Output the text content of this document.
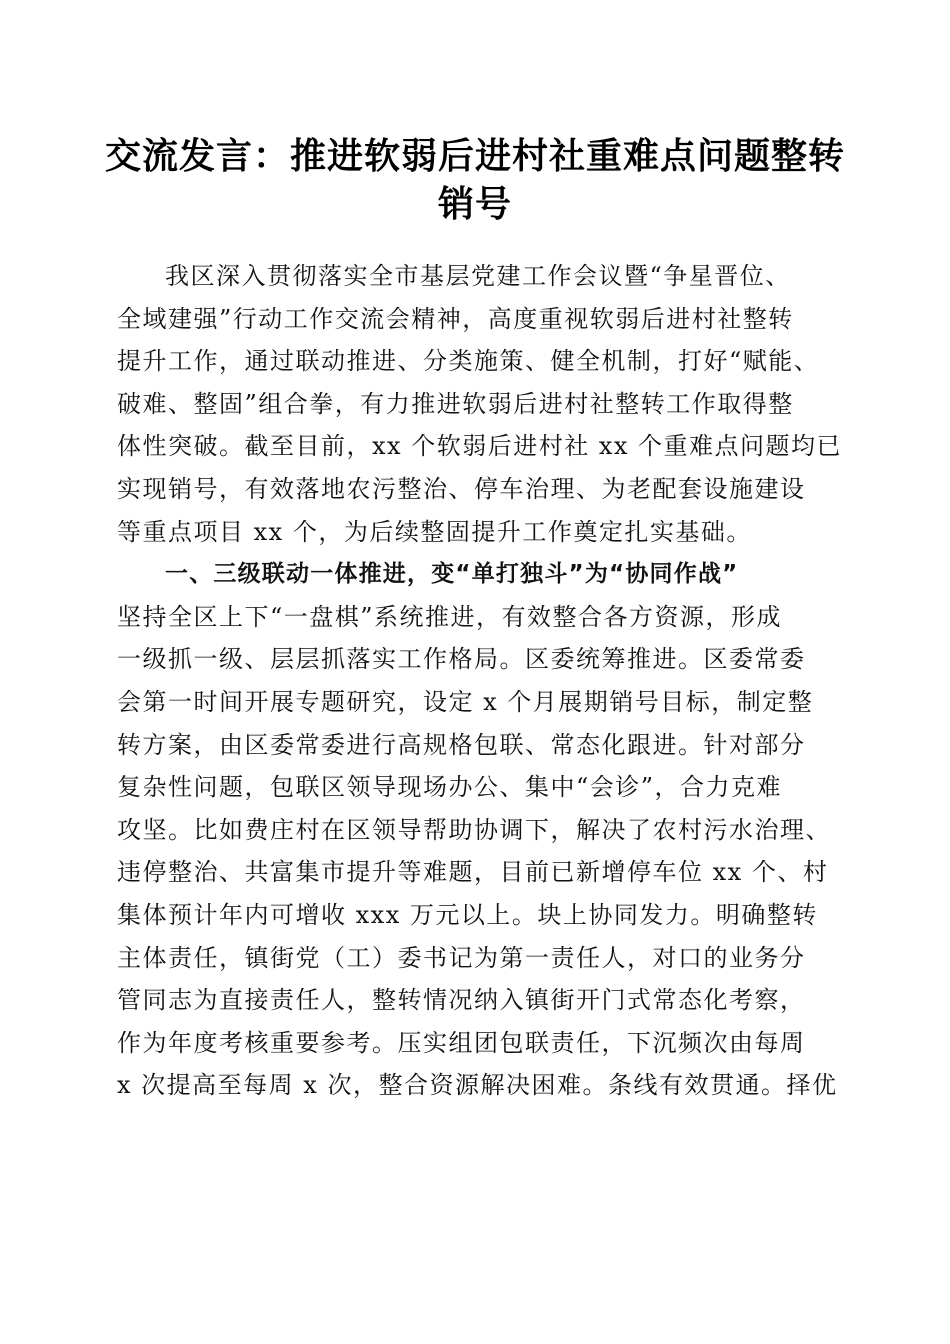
交流发言：推进软弱后进村社重难点问题整转
销号
我区深入贯彻落实全市基层党建工作会议暨“争星晋位、
全域建强”行动工作交流会精神，高度重视软弱后进村社整转
提升工作，通过联动推进、分类施策、健全机制，打好“赋能、
破难、整固”组合拳，有力推进软弱后进村社整转工作取得整
体性突破。截至目前，xx 个软弱后进村社 xx 个重难点问题均已
实现销号，有效落地农污整治、停车治理、为老配套设施建设
等重点项目 xx 个，为后续整固提升工作奠定扎实基础。
一、三级联动一体推进，变“单打独斗”为“协同作战”
坚持全区上下“一盘棋”系统推进，有效整合各方资源，形成
一级抓一级、层层抓落实工作格局。区委统筹推进。区委常委
会第一时间开展专题研究，设定 x 个月展期销号目标，制定整
转方案，由区委常委进行高规格包联、常态化跟进。针对部分
复杂性问题，包联区领导现场办公、集中“会诊”，合力克难
攻坚。比如费庄村在区领导帮助协调下，解决了农村污水治理、
违停整治、共富集市提升等难题，目前已新增停车位 xx 个、村
集体预计年内可增收 xxx 万元以上。块上协同发力。明确整转
主体责任，镇街党（工）委书记为第一责任人，对口的业务分
管同志为直接责任人，整转情况纳入镇街开门式常态化考察，
作为年度考核重要参考。压实组团包联责任，下沉频次由每周
x 次提高至每周 x 次，整合资源解决困难。条线有效贯通。择优
